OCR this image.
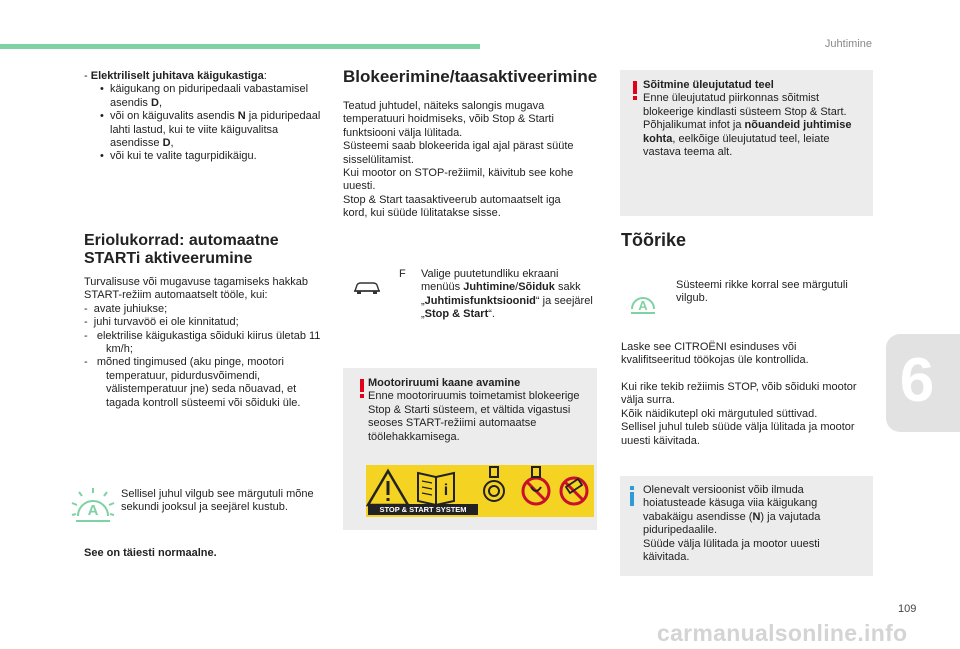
Juhtimine

- Elektriliselt juhitava käigukastiga:

•  käigukang on piduripedaali vabastamisel asendis D,
•  või on käiguvalits asendis N ja piduripedaal lahti lastud, kui te viite käiguvalitsa asendisse D,
•  või kui te valite tagurpidikäigu.
Eriolukorrad: automaatne STARTi aktiveerumine

Turvalisuse või mugavuse tagamiseks hakkab START-režiim automaatselt tööle, kui:

-  avate juhiukse;
-  juhi turvavöö ei ole kinnitatud;
-   elektrilise käigukastiga sõiduki kiirus ületab 11 km/h;
-   mõned tingimused (aku pinge, mootori temperatuur, pidurdusvõimendi, välistemperatuur jne) seda nõuavad, et tagada kontroll süsteemi või sõiduki üle.
A
Sellisel juhul vilgub see märgutuli mõne sekundi jooksul ja seejärel kustub.
See on täiesti normaalne.
Blokeerimine/taasaktiveerimine

Teatud juhtudel, näiteks salongis mugava temperatuuri hoidmiseks, võib Stop & Starti funktsiooni välja lülitada.

Süsteemi saab blokeerida igal ajal pärast süüte sisselülitamist.

Kui mootor on STOP-režiimil, käivitub see kohe uuesti.

Stop & Start taasaktiveerub automaatselt iga kord, kui süüde lülitatakse sisse.

F Valige puutetundliku ekraani menüüs Juhtimine/Sõiduk sakk „Juhtimisfunktsioonid“ ja seejärel „Stop & Start“.
Mootoriruumi kaane avamine

Enne mootoriruumis toimetamist blokeerige Stop & Starti süsteem, et vältida vigastusi seoses START-režiimi automaatse töölehakkamisega.

i
STOP & START SYSTEM
Sõitmine üleujutatud teel

Enne üleujutatud piirkonnas sõitmist blokeerige kindlasti süsteem Stop & Start.

Põhjalikumat infot ja nõuandeid juhtimise kohta, eelkõige üleujutatud teel, leiate vastava teema alt.

Tõõrike
A
Süsteemi rikke korral see märgutuli vilgub.
Laske see CITROËNI esinduses või kvalifitseeritud töökojas üle kontrollida.

Kui rike tekib režiimis STOP, võib sõiduki mootor välja surra.

Kõik näidikutepl oki märgutuled süttivad.

Sellisel juhul tuleb süüde välja lülitada ja mootor uuesti käivitada.

Olenevalt versioonist võib ilmuda hoiatusteade käsuga viia käigukang vabakäigu asendisse (N) ja vajutada piduripedaalile.

Süüde välja lülitada ja mootor uuesti käivitada.

6
109
carmanualsonline.info
